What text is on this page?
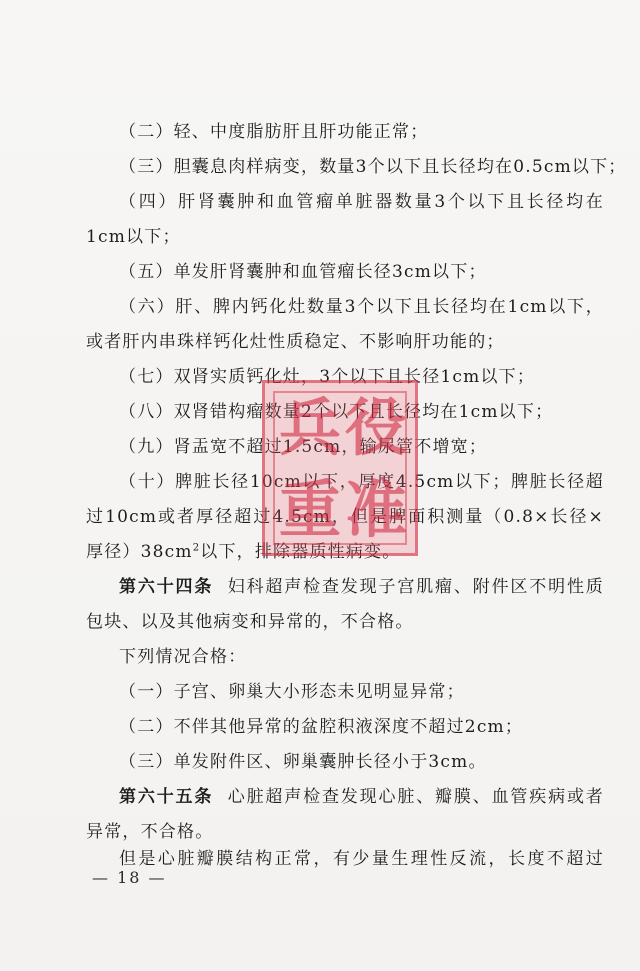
（二）轻、中度脂肪肝且肝功能正常；
（三）胆囊息肉样病变，数量3个以下且长径均在0.5cm以下；
（四）肝肾囊肿和血管瘤单脏器数量3个以下且长径均在
1cm以下；
（五）单发肝肾囊肿和血管瘤长径3cm以下；
（六）肝、脾内钙化灶数量3个以下且长径均在1cm以下，
或者肝内串珠样钙化灶性质稳定、不影响肝功能的；
（七）双肾实质钙化灶，3个以下且长径1cm以下；
（八）双肾错构瘤数量2个以下且长径均在1cm以下；
（九）肾盂宽不超过1.5cm，输尿管不增宽；
（十）脾脏长径10cm以下，厚度4.5cm以下；脾脏长径超
过10cm或者厚径超过4.5cm，但是脾面积测量（0.8×长径×
厚径）$38cm^2$以下，排除器质性病变。
第六十四条 妇科超声检查发现子宫肌瘤、附件区不明性质
包块、以及其他病变和异常的，不合格。
下列情况合格：
（一）子宫、卵巢大小形态未见明显异常；
（二）不伴其他异常的盆腔积液深度不超过2cm；
（三）单发附件区、卵巢囊肿长径小于3cm。
第六十五条 心脏超声检查发现心脏、瓣膜、血管疾病或者
异常，不合格。
但是心脏瓣膜结构正常，有少量生理性反流，长度不超过
— 18 —
兵 役
重 准
